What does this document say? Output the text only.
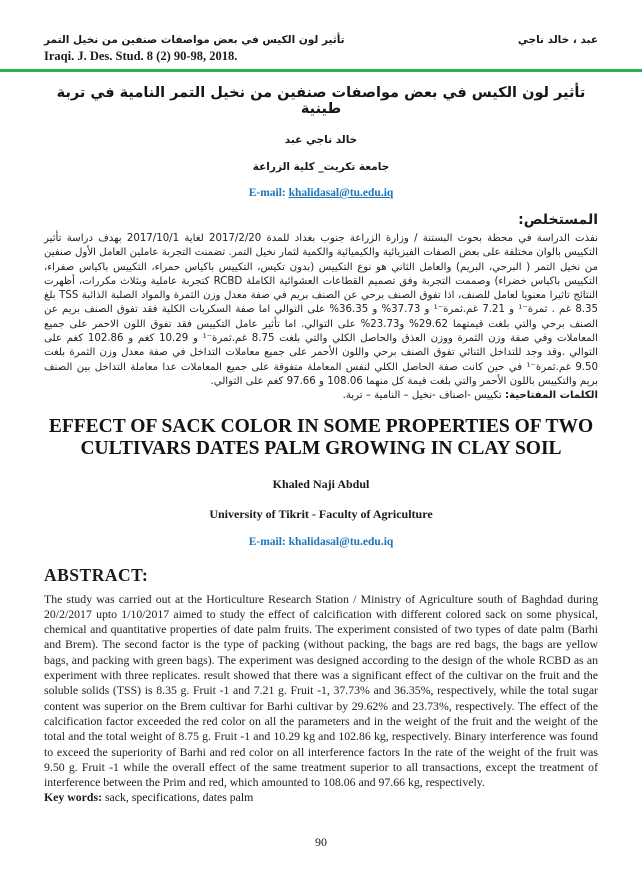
تأثير لون الكيس في بعض مواصفات صنفين من نخيل التمر	عبد ، خالد ناجي
Iraqi. J. Des. Stud. 8 (2) 90-98, 2018.
تأثير لون الكيس في بعض مواصفات صنفين من نخيل التمر النامية في تربة طينية
خالد ناجي عبد
جامعة تكريت_ كلية الزراعة
E-mail: khalidasal@tu.edu.iq
المستخلص:
نفذت الدراسة في محطة بحوث البستنة / وزارة الزراعة جنوب بغداد للمدة 2017/2/20 لغاية 2017/10/1 بهدف دراسة تأثير التكييس بالوان مختلفة على بعض الصفات الفيزيائية والكيميائية والكمية لثمار نخيل التمر. تضمنت التجربة عاملين العامل الأول صنفين من نخيل التمر ( البرحي، البريم) والعامل الثاني هو نوع التكييس (بدون تكيس، التكييس باكياس حمراء، التكييس باكياس صفراء، التكييس باكياس خضراء) وصممت التجربة وفق تصميم القطاعات العشوائية الكاملة RCBD كتجربة عاملية وبثلاث مكررات، أظهرت النتائج تاثيرا معنويا لعامل للصنف، اذا تفوق الصنف برحي عن الصنف بريم في صفة معدل وزن الثمرة والمواد الصلبة الذائبة TSS بلغ 8.35 غم . ثمرة⁻¹ و 7.21 غم.ثمرة⁻¹ و 37.73% و 36.35% على التوالي اما صفة السكريات الكلية فقد تفوق الصنف بريم عن الصنف برحي والتي بلغت قيمتهما 29.62% و23.73% على التوالي. اما تأثير عامل التكييس فقد تفوق اللون الاحمر على جميع المعاملات وفي صفة وزن الثمرة ووزن العذق والحاصل الكلي والتي بلغت 8.75 غم.ثمرة⁻¹ و 10.29 كغم و 102.86 كغم على التوالي .وقد وجد للتداخل الثنائي تفوق الصنف برحي واللون الأحمر على جميع معاملات التداخل في صفة معدل وزن الثمرة بلغت 9.50 غم.ثمرة⁻¹ في حين كانت صفة الحاصل الكلي لنفس المعاملة متفوقة على جميع المعاملات عدا معاملة التداخل بين الصنف بريم والتكييس باللون الأحمر والتي بلغت قيمة كل منهما 108.06 و 97.66 كغم على التوالي.
الكلمات المفتاحية: تكييس -اصناف -نخيل – النامية – تربة.
EFFECT OF SACK COLOR IN SOME PROPERTIES OF TWO
CULTIVARS DATES PALM GROWING IN CLAY SOIL
Khaled Naji Abdul
University of Tikrit - Faculty of Agriculture
E-mail: khalidasal@tu.edu.iq
ABSTRACT:
The study was carried out at the Horticulture Research Station / Ministry of Agriculture south of Baghdad during 20/2/2017 upto 1/10/2017 aimed to study the effect of calcification with different colored sack on some physical, chemical and quantitative properties of date palm fruits. The experiment consisted of two types of date palm (Barhi and Brem). The second factor is the type of packing (without packing, the bags are red bags, the bags are yellow bags, and packing with green bags). The experiment was designed according to the design of the whole RCBD as an experiment with three replicates. result showed that there was a significant effect of the cultivar on the fruit and the soluble solids (TSS) is 8.35 g. Fruit -1 and 7.21 g. Fruit -1, 37.73% and 36.35%, respectively, while the total sugar content was superior on the Brem cultivar for Barhi cultivar by 29.62% and 23.73%, respectively. The effect of the calcification factor exceeded the red color on all the parameters and in the weight of the fruit and the weight of the total and the total weight of 8.75 g. Fruit -1 and 10.29 kg and 102.86 kg, respectively. Binary interference was found to exceed the superiority of Barhi and red color on all interference factors In the rate of the weight of the fruit was 9.50 g. Fruit -1 while the overall effect of the same treatment superior to all transactions, except the treatment of interference between the Prim and red, which amounted to 108.06 and 97.66 kg, respectively.
Key words: sack, specifications, dates palm
90
